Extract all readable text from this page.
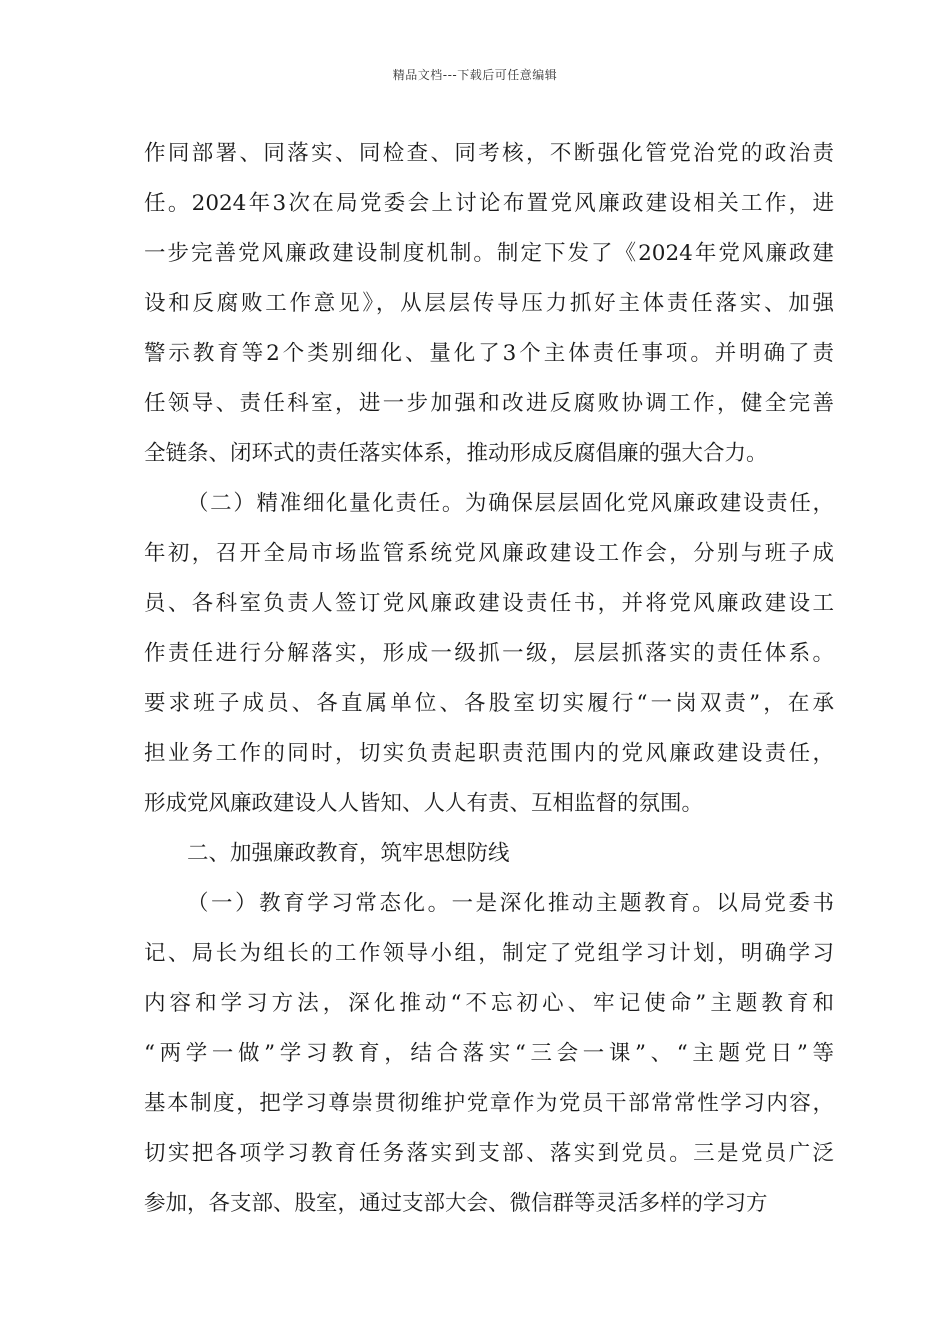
精品文档---下载后可任意编辑
作同部署、同落实、同检查、同考核，不断强化管党治党的政治责
任。2024年3次在局党委会上讨论布置党风廉政建设相关工作，进
一步完善党风廉政建设制度机制。制定下发了《2024年党风廉政建
设和反腐败工作意见》，从层层传导压力抓好主体责任落实、加强
警示教育等2个类别细化、量化了3个主体责任事项。并明确了责
任领导、责任科室，进一步加强和改进反腐败协调工作，健全完善
全链条、闭环式的责任落实体系，推动形成反腐倡廉的强大合力。
（二）精准细化量化责任。为确保层层固化党风廉政建设责任，
年初，召开全局市场监管系统党风廉政建设工作会，分别与班子成
员、各科室负责人签订党风廉政建设责任书，并将党风廉政建设工
作责任进行分解落实，形成一级抓一级，层层抓落实的责任体系。
要求班子成员、各直属单位、各股室切实履行“一岗双责”，在承
担业务工作的同时，切实负责起职责范围内的党风廉政建设责任，
形成党风廉政建设人人皆知、人人有责、互相监督的氛围。
二、加强廉政教育，筑牢思想防线
（一）教育学习常态化。一是深化推动主题教育。以局党委书
记、局长为组长的工作领导小组，制定了党组学习计划，明确学习
内容和学习方法，深化推动“不忘初心、牢记使命”主题教育和
“两学一做”学习教育，结合落实“三会一课”、“主题党日”等
基本制度，把学习尊崇贯彻维护党章作为党员干部常常性学习内容，
切实把各项学习教育任务落实到支部、落实到党员。三是党员广泛
参加，各支部、股室，通过支部大会、微信群等灵活多样的学习方
